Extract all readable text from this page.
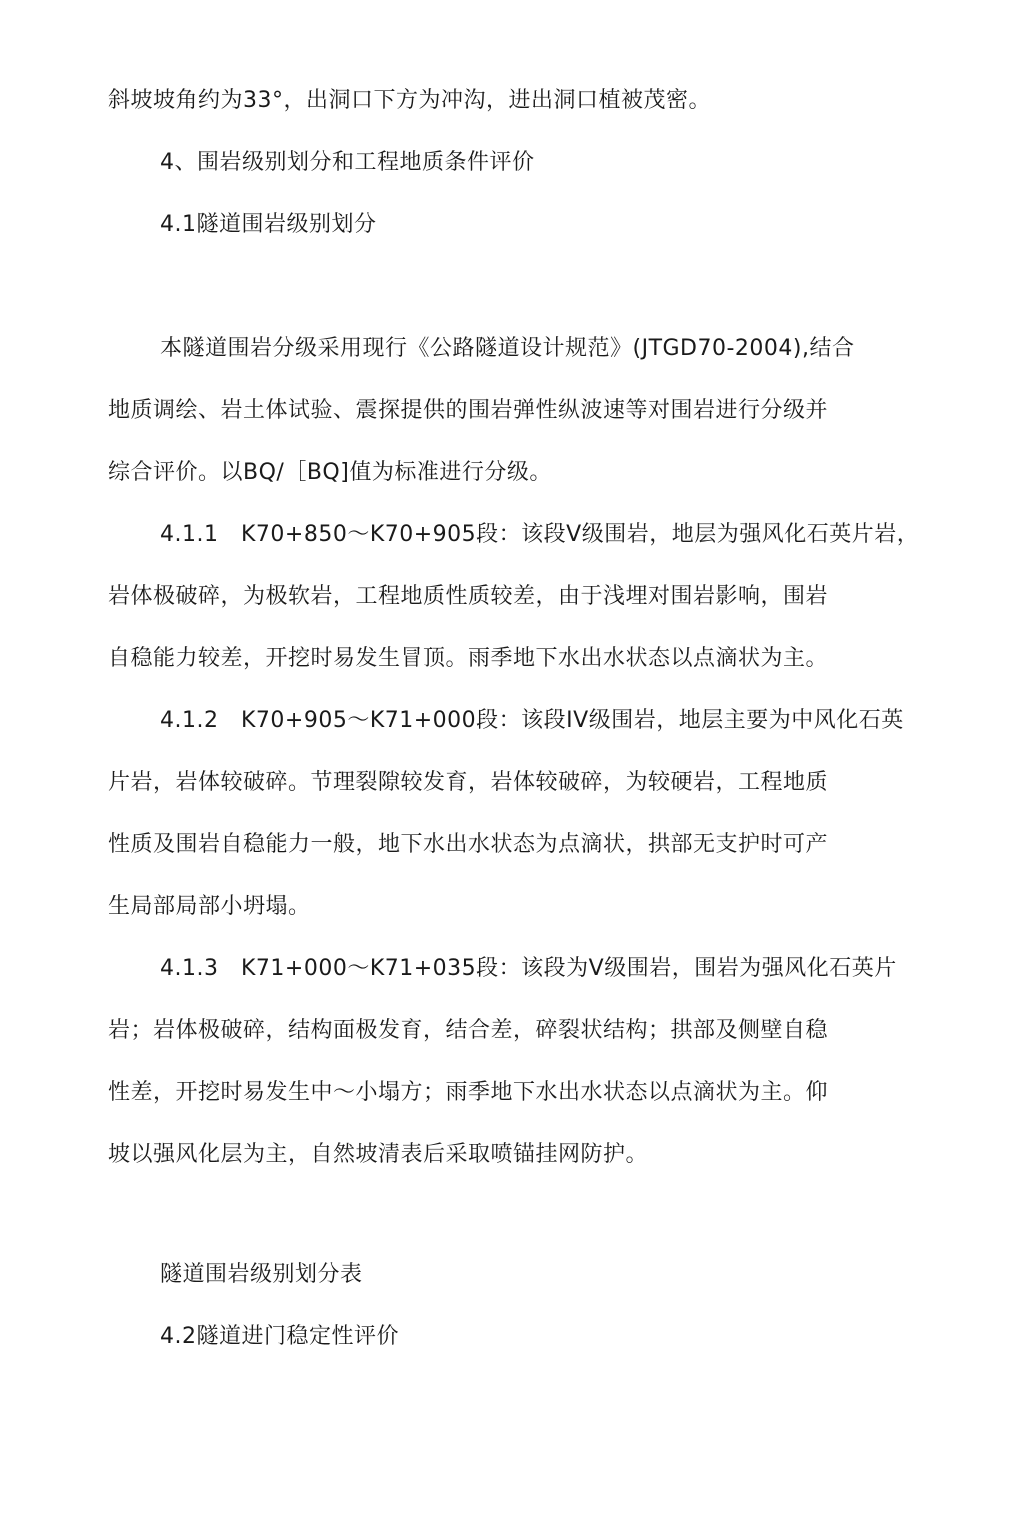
斜坡坡角约为33°，出洞口下方为冲沟，进出洞口植被茂密。
4、围岩级别划分和工程地质条件评价
4.1隧道围岩级别划分
本隧道围岩分级采用现行《公路隧道设计规范》(JTGD70-2004),结合
地质调绘、岩土体试验、震探提供的围岩弹性纵波速等对围岩进行分级并
综合评价。以BQ/［BQ]值为标准进行分级。
4.1.1　K70+850～K70+905段：该段V级围岩，地层为强风化石英片岩，
岩体极破碎，为极软岩，工程地质性质较差，由于浅埋对围岩影响，围岩
自稳能力较差，开挖时易发生冒顶。雨季地下水出水状态以点滴状为主。
4.1.2　K70+905～K71+000段：该段IV级围岩，地层主要为中风化石英
片岩，岩体较破碎。节理裂隙较发育，岩体较破碎，为较硬岩，工程地质
性质及围岩自稳能力一般，地下水出水状态为点滴状，拱部无支护时可产
生局部局部小坍塌。
4.1.3　K71+000～K71+035段：该段为V级围岩，围岩为强风化石英片
岩；岩体极破碎，结构面极发育，结合差，碎裂状结构；拱部及侧壁自稳
性差，开挖时易发生中～小塌方；雨季地下水出水状态以点滴状为主。仰
坡以强风化层为主，自然坡清表后采取喷锚挂网防护。
隧道围岩级别划分表
4.2隧道进门稳定性评价
